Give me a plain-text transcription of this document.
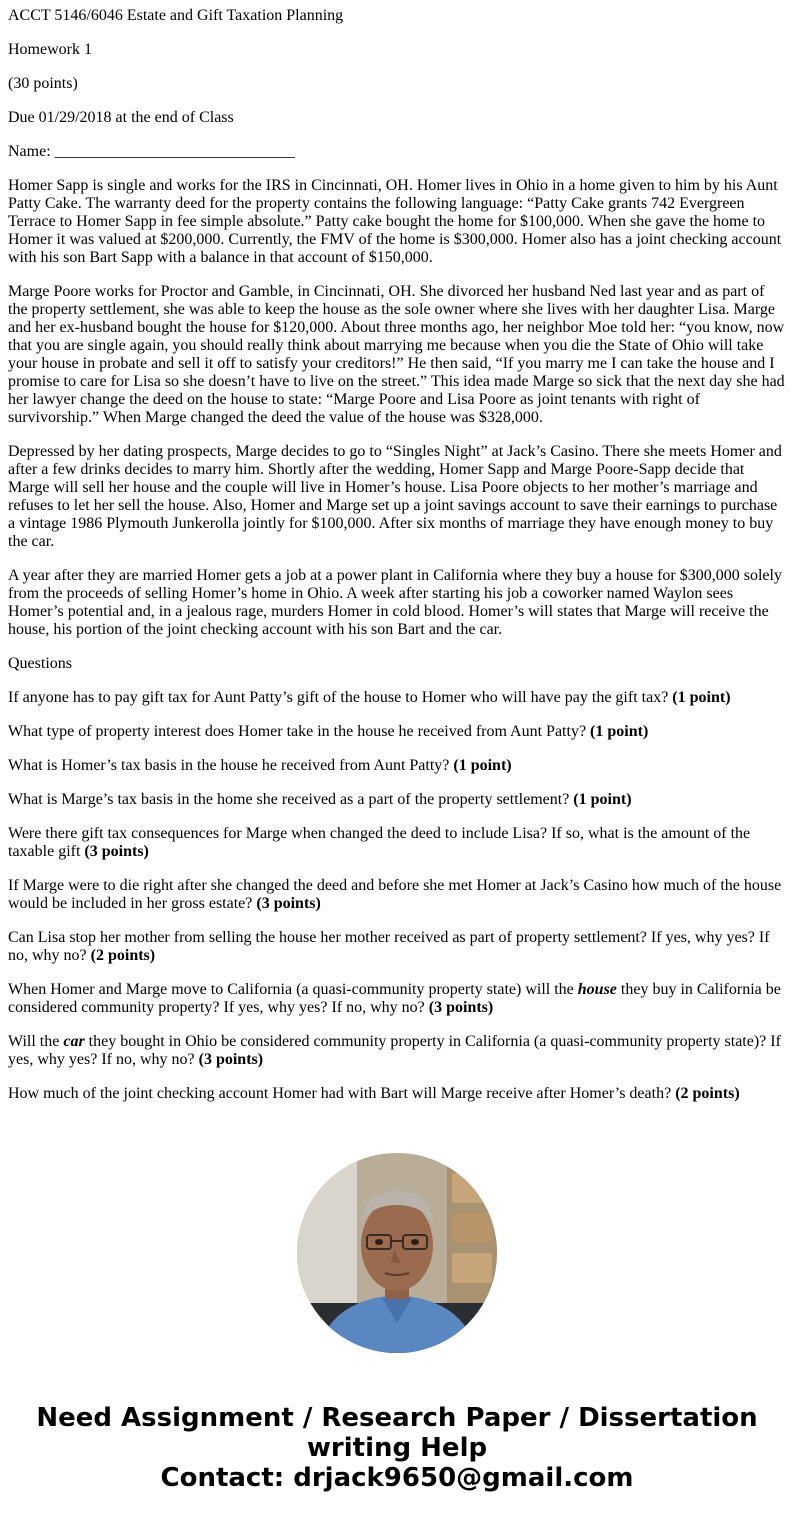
ACCT 5146/6046 Estate and Gift Taxation Planning

Homework 1

(30 points)

Due 01/29/2018 at the end of Class

Name: ______________________________

Homer Sapp is single and works for the IRS in Cincinnati, OH. Homer lives in Ohio in a home given to him by his Aunt Patty Cake. The warranty deed for the property contains the following language: “Patty Cake grants 742 Evergreen Terrace to Homer Sapp in fee simple absolute.” Patty cake bought the home for $100,000. When she gave the home to Homer it was valued at $200,000. Currently, the FMV of the home is $300,000. Homer also has a joint checking account with his son Bart Sapp with a balance in that account of $150,000.

Marge Poore works for Proctor and Gamble, in Cincinnati, OH. She divorced her husband Ned last year and as part of the property settlement, she was able to keep the house as the sole owner where she lives with her daughter Lisa. Marge and her ex-husband bought the house for $120,000. About three months ago, her neighbor Moe told her: “you know, now that you are single again, you should really think about marrying me because when you die the State of Ohio will take your house in probate and sell it off to satisfy your creditors!” He then said, “If you marry me I can take the house and I promise to care for Lisa so she doesn’t have to live on the street.” This idea made Marge so sick that the next day she had her lawyer change the deed on the house to state: “Marge Poore and Lisa Poore as joint tenants with right of survivorship.” When Marge changed the deed the value of the house was $328,000.

Depressed by her dating prospects, Marge decides to go to “Singles Night” at Jack’s Casino. There she meets Homer and after a few drinks decides to marry him. Shortly after the wedding, Homer Sapp and Marge Poore-Sapp decide that Marge will sell her house and the couple will live in Homer’s house. Lisa Poore objects to her mother’s marriage and refuses to let her sell the house. Also, Homer and Marge set up a joint savings account to save their earnings to purchase a vintage 1986 Plymouth Junkerolla jointly for $100,000. After six months of marriage they have enough money to buy the car.

A year after they are married Homer gets a job at a power plant in California where they buy a house for $300,000 solely from the proceeds of selling Homer’s home in Ohio. A week after starting his job a coworker named Waylon sees Homer’s potential and, in a jealous rage, murders Homer in cold blood. Homer’s will states that Marge will receive the house, his portion of the joint checking account with his son Bart and the car.

Questions

If anyone has to pay gift tax for Aunt Patty’s gift of the house to Homer who will have pay the gift tax? (1 point)

What type of property interest does Homer take in the house he received from Aunt Patty? (1 point)

What is Homer’s tax basis in the house he received from Aunt Patty? (1 point)

What is Marge’s tax basis in the home she received as a part of the property settlement? (1 point)

Were there gift tax consequences for Marge when changed the deed to include Lisa? If so, what is the amount of the taxable gift (3 points)

If Marge were to die right after she changed the deed and before she met Homer at Jack’s Casino how much of the house would be included in her gross estate? (3 points)

Can Lisa stop her mother from selling the house her mother received as part of property settlement? If yes, why yes? If no, why no? (2 points)

When Homer and Marge move to California (a quasi-community property state) will the house they buy in California be considered community property? If yes, why yes? If no, why no? (3 points)

Will the car they bought in Ohio be considered community property in California (a quasi-community property state)? If yes, why yes? If no, why no? (3 points)

How much of the joint checking account Homer had with Bart will Marge receive after Homer’s death? (2 points)

Need Assignment / Research Paper / Dissertation
writing Help
Contact: drjack9650@gmail.com
